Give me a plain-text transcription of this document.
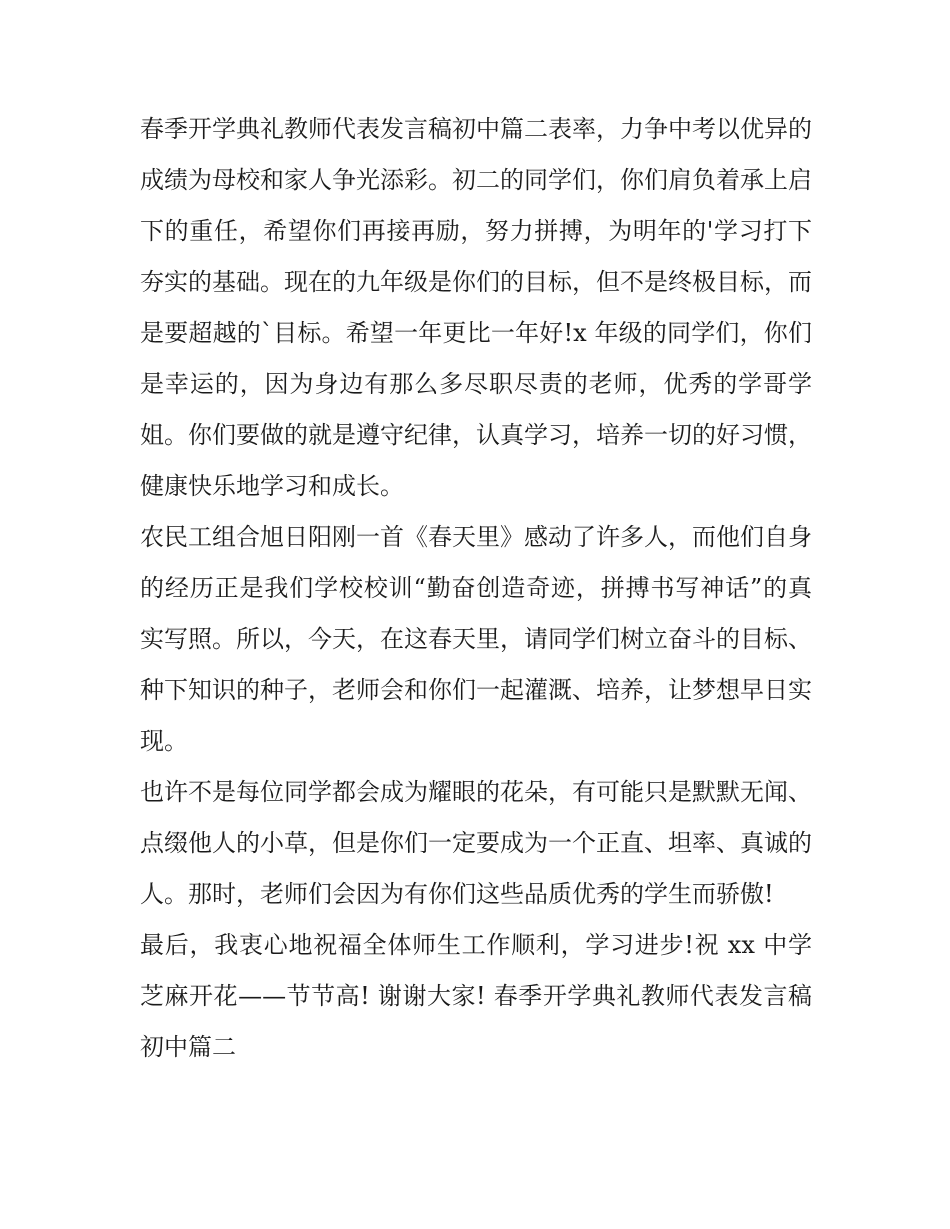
春季开学典礼教师代表发言稿初中篇二表率，力争中考以优异的成绩为母校和家人争光添彩。初二的同学们，你们肩负着承上启下的重任，希望你们再接再励，努力拼搏，为明年的'学习打下夯实的基础。现在的九年级是你们的目标，但不是终极目标，而是要超越的`目标。希望一年更比一年好!x 年级的同学们，你们是幸运的，因为身边有那么多尽职尽责的老师，优秀的学哥学姐。你们要做的就是遵守纪律，认真学习，培养一切的好习惯，健康快乐地学习和成长。

农民工组合旭日阳刚一首《春天里》感动了许多人，而他们自身的经历正是我们学校校训“勤奋创造奇迹，拼搏书写神话”的真实写照。所以，今天，在这春天里，请同学们树立奋斗的目标、种下知识的种子，老师会和你们一起灌溉、培养，让梦想早日实现。

也许不是每位同学都会成为耀眼的花朵，有可能只是默默无闻、点缀他人的小草，但是你们一定要成为一个正直、坦率、真诚的人。那时，老师们会因为有你们这些品质优秀的学生而骄傲!

最后，我衷心地祝福全体师生工作顺利，学习进步!祝 xx 中学芝麻开花——节节高! 谢谢大家! 春季开学典礼教师代表发言稿初中篇二
